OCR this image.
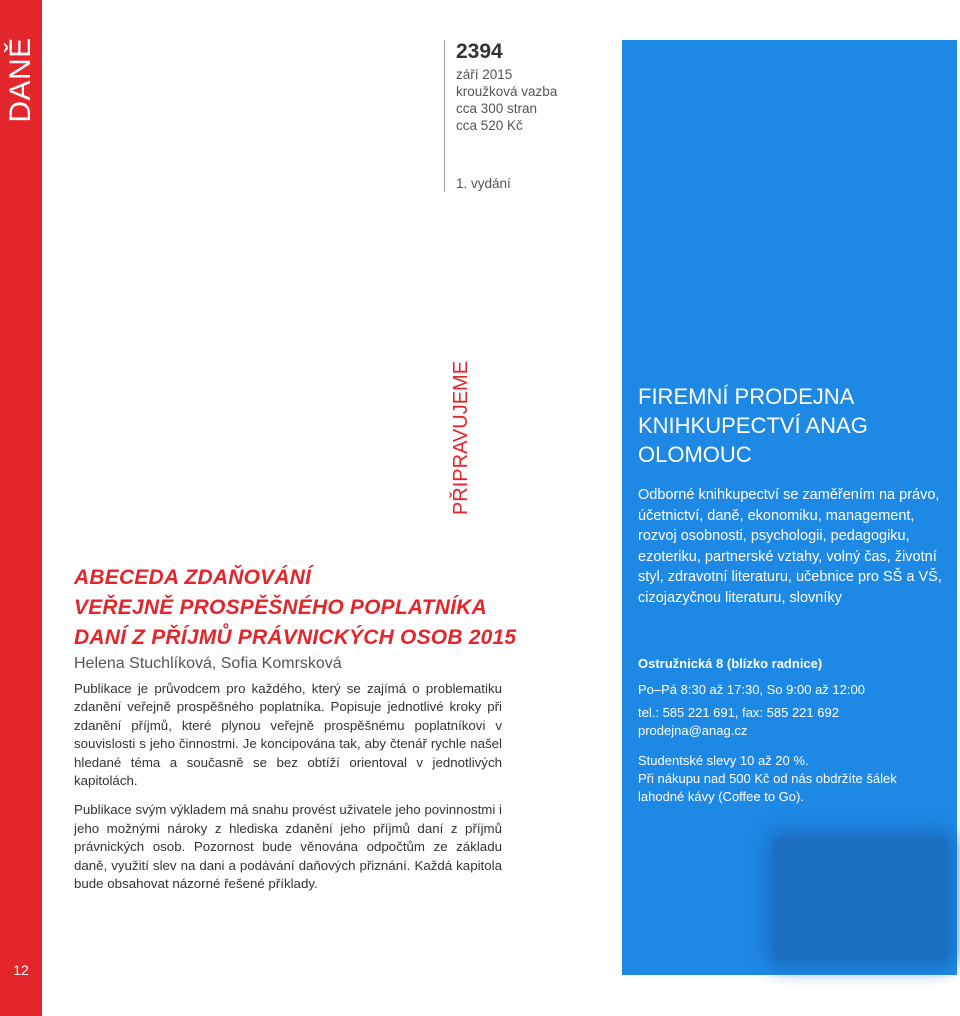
DANĚ
12
2394
září 2015
kroužková vazba
cca 300 stran
cca 520 Kč
1. vydání
PŘIPRAVUJEME
ABECEDA ZDAŇOVÁNÍ
VEŘEJNĚ PROSPĚŠNÉHO POPLATNÍKA
DANÍ Z PŘÍJMŮ PRÁVNICKÝCH OSOB 2015
Helena Stuchlíková, Sofia Komrsková

Publikace je průvodcem pro každého, který se zajímá o problematiku zdanění veřejně prospěšného poplatníka. Popisuje jednotlivé kroky při zdanění příjmů, které plynou veřejně prospěšnému poplatníkovi v souvislosti s jeho činnostmi. Je koncipována tak, aby čtenář rychle našel hledané téma a současně se bez obtíží orientoval v jednotlivých kapitolách.

Publikace svým výkladem má snahu provést uživatele jeho povinnostmi i jeho možnými nároky z hlediska zdanění jeho příjmů daní z příjmů právnických osob. Pozornost bude věnována odpočtům ze základu daně, využití slev na dani a podávání daňových přiznání. Každá kapitola bude obsahovat názorné řešené příklady.

FIREMNÍ PRODEJNA
KNIHKUPECTVÍ ANAG
OLOMOUC
Odborné knihkupectví se zaměřením na právo, účetnictví, daně, ekonomiku, management, rozvoj osobnosti, psychologii, pedagogiku, ezoteriku, partnerské vztahy, volný čas, životní styl, zdravotní literaturu, učebnice pro SŠ a VŠ, cizojazyčnou literaturu, slovníky
Ostružnická 8 (blízko radnice)
Po–Pá 8:30 až 17:30, So 9:00 až 12:00
tel.: 585 221 691, fax: 585 221 692
prodejna@anag.cz
Studentské slevy 10 až 20 %.
Při nákupu nad 500 Kč od nás obdržíte šálek lahodné kávy (Coffee to Go).
